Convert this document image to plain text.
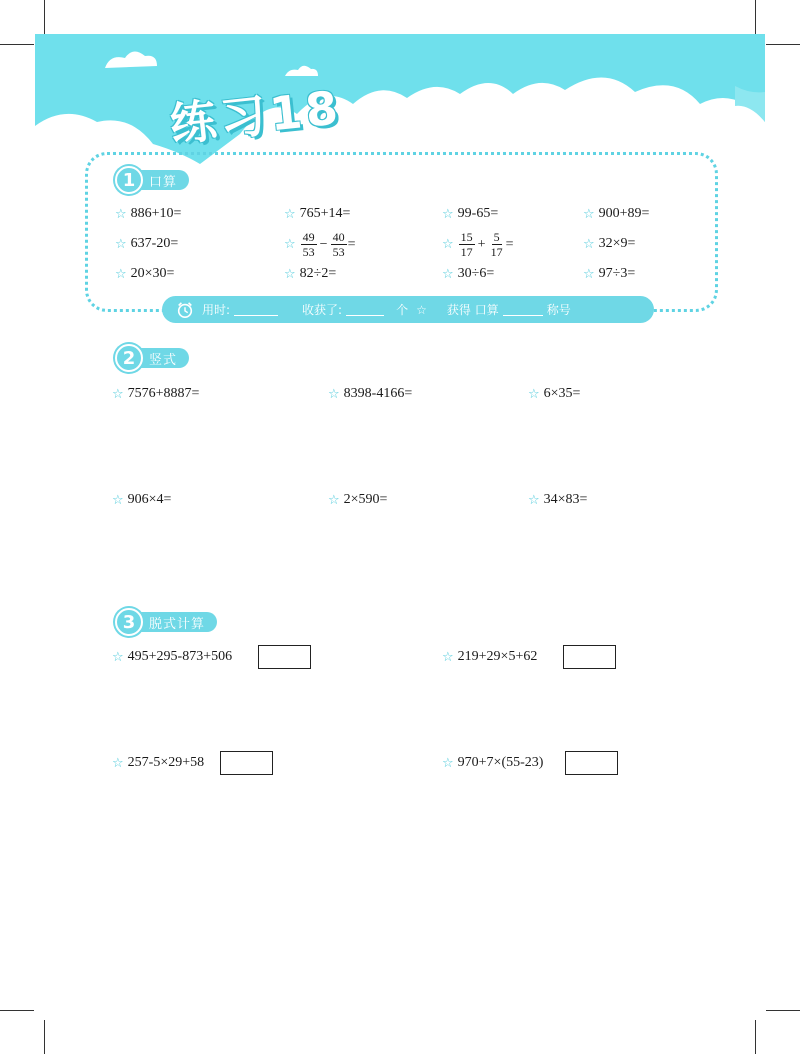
练习18
1	口算
☆ 886+10=	☆ 765+14=	☆ 99-65=	☆ 900+89=
☆ 637-20=	☆ $\frac{49}{53} - \frac{40}{53}$ =	☆ $\frac{15}{17} + \frac{5}{17}$ =	☆ 32×9=
☆ 20×30=	☆ 82÷2=	☆ 30÷6=	☆ 97÷3=
用时:	收获了:	个 ☆ 获得 口算	称号
2	竖式
☆ 7576+8887=	☆ 8398-4166=	☆ 6×35=
☆ 906×4=	☆ 2×590=	☆ 34×83=
3	脱式计算
☆ 495+295-873+506	☆ 219+29×5+62
☆ 257-5×29+58	☆ 970+7×(55-23)
